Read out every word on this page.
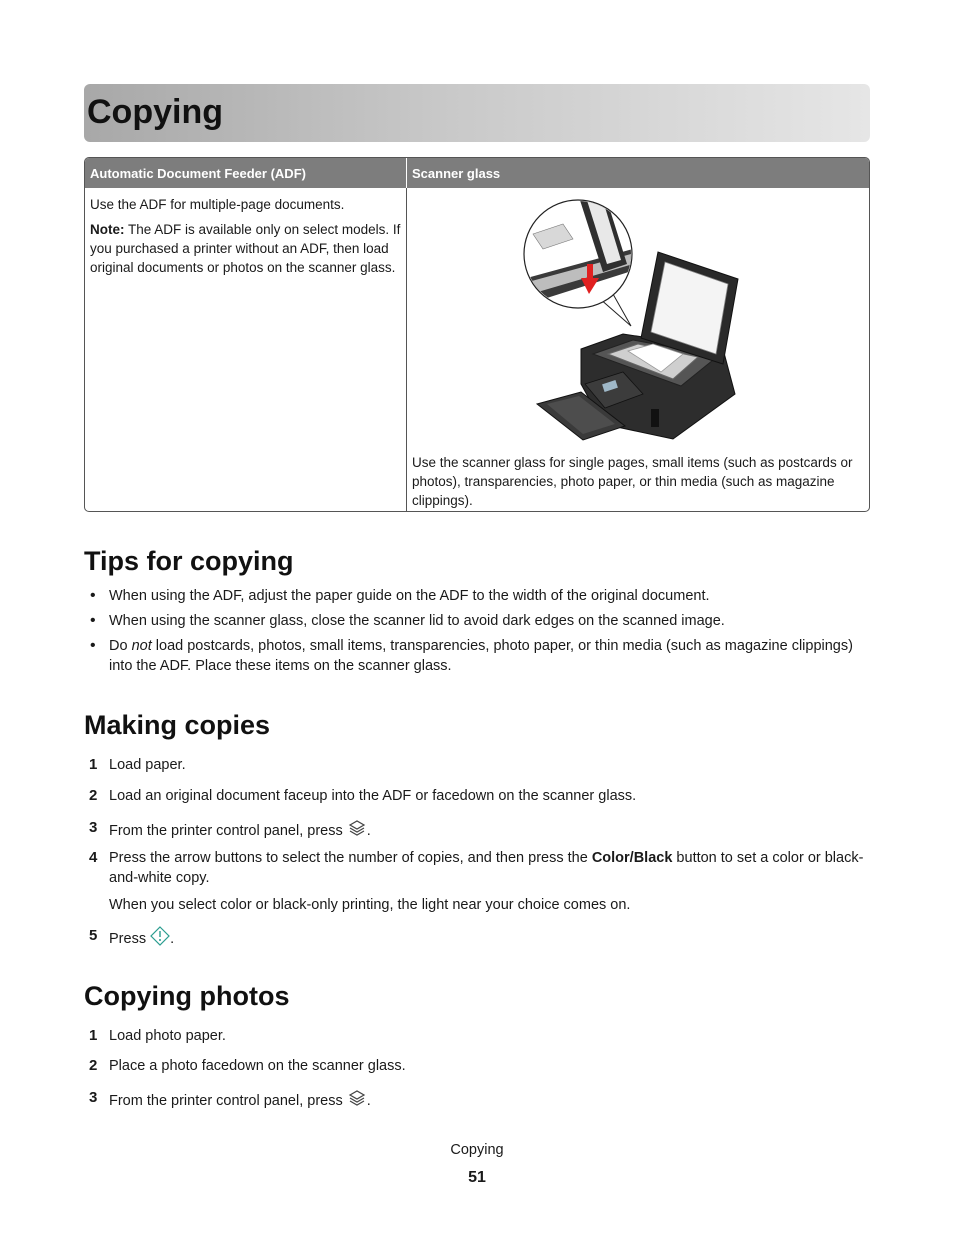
Copying
Automatic Document Feeder (ADF)	Scanner glass

Use the ADF for multiple-page documents.

Note: The ADF is available only on select models. If you purchased a printer without an ADF, then load original documents or photos on the scanner glass.

Use the scanner glass for single pages, small items (such as postcards or photos), transparencies, photo paper, or thin media (such as magazine clippings).
Tips for copying
• When using the ADF, adjust the paper guide on the ADF to the width of the original document.
• When using the scanner glass, close the scanner lid to avoid dark edges on the scanned image.
• Do not load postcards, photos, small items, transparencies, photo paper, or thin media (such as magazine clippings) into the ADF. Place these items on the scanner glass.
Making copies
1 Load paper.
2 Load an original document faceup into the ADF or facedown on the scanner glass.
3 From the printer control panel, press .
4 Press the arrow buttons to select the number of copies, and then press the Color/Black button to set a color or black-and-white copy.
When you select color or black-only printing, the light near your choice comes on.
5 Press .
Copying photos
1 Load photo paper.
2 Place a photo facedown on the scanner glass.
3 From the printer control panel, press .
Copying
51
